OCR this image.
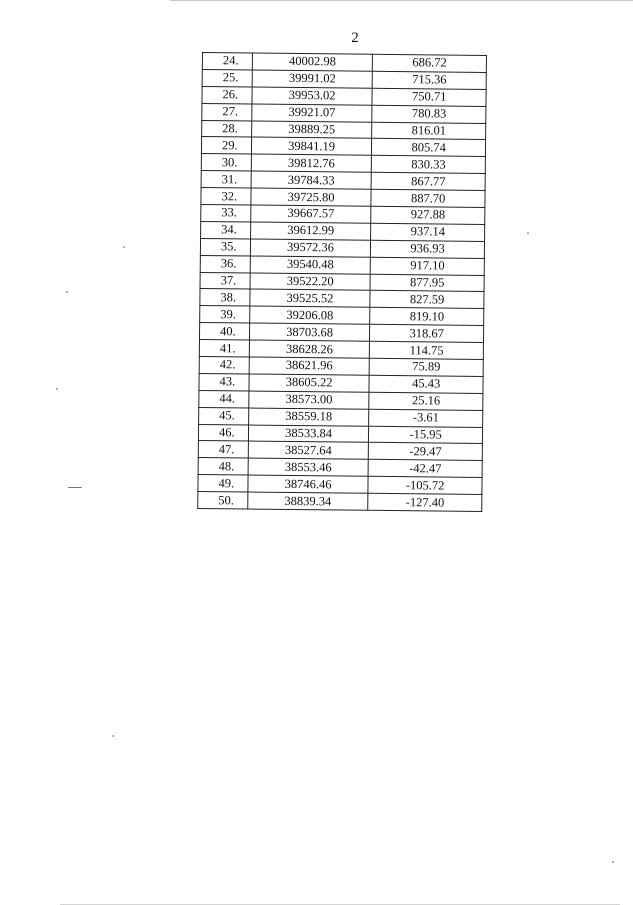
2
24.	40002.98	686.72
25.	39991.02	715.36
26.	39953.02	750.71
27.	39921.07	780.83
28.	39889.25	816.01
29.	39841.19	805.74
30.	39812.76	830.33
31.	39784.33	867.77
32.	39725.80	887.70
33.	39667.57	927.88
34.	39612.99	937.14
35.	39572.36	936.93
36.	39540.48	917.10
37.	39522.20	877.95
38.	39525.52	827.59
39.	39206.08	819.10
40.	38703.68	318.67
41.	38628.26	114.75
42.	38621.96	75.89
43.	38605.22	45.43
44.	38573.00	25.16
45.	38559.18	-3.61
46.	38533.84	-15.95
47.	38527.64	-29.47
48.	38553.46	-42.47
49.	38746.46	-105.72
50.	38839.34	-127.40
